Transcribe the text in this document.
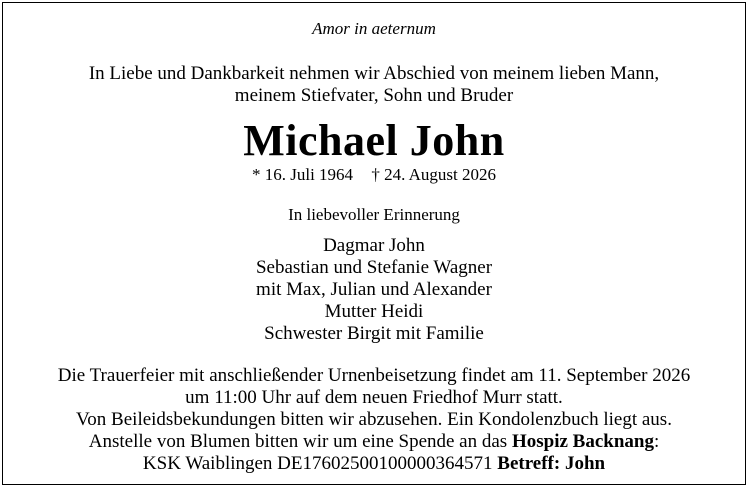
Amor in aeternum
In Liebe und Dankbarkeit nehmen wir Abschied von meinem lieben Mann,
meinem Stiefvater, Sohn und Bruder
Michael John
* 16. Juli 1964 † 24. August 2026
In liebevoller Erinnerung
Dagmar John
Sebastian und Stefanie Wagner
mit Max, Julian und Alexander
Mutter Heidi
Schwester Birgit mit Familie
Die Trauerfeier mit anschließender Urnenbeisetzung findet am 11. September 2026
um 11:00 Uhr auf dem neuen Friedhof Murr statt.
Von Beileidsbekundungen bitten wir abzusehen. Ein Kondolenzbuch liegt aus.
Anstelle von Blumen bitten wir um eine Spende an das Hospiz Backnang:
KSK Waiblingen DE17602500100000364571 Betreff: John
